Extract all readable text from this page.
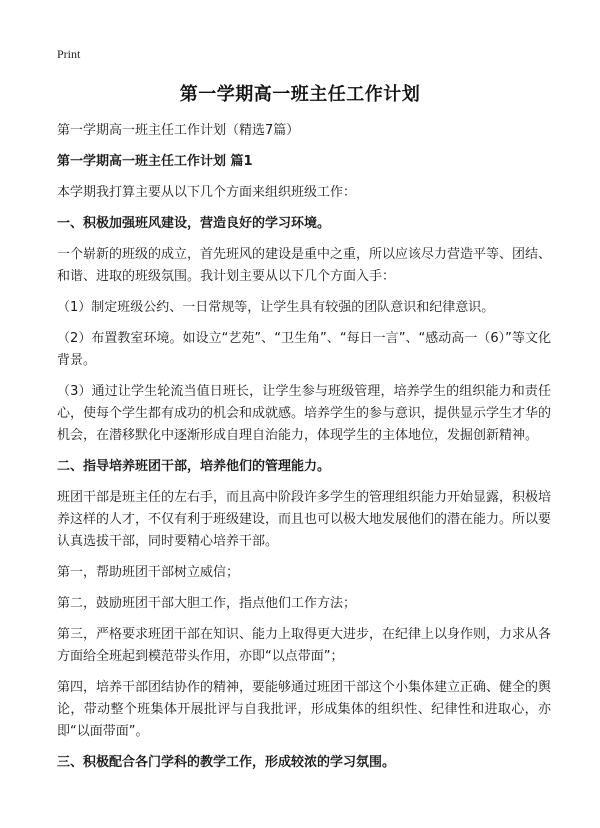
Print
第一学期高一班主任工作计划

第一学期高一班主任工作计划（精选7篇）

第一学期高一班主任工作计划 篇1

本学期我打算主要从以下几个方面来组织班级工作：

一、积极加强班风建设，营造良好的学习环境。

一个崭新的班级的成立，首先班风的建设是重中之重，所以应该尽力营造平等、团结、和谐、进取的班级氛围。我计划主要从以下几个方面入手：

（1）制定班级公约、一日常规等，让学生具有较强的团队意识和纪律意识。

（2）布置教室环境。如设立“艺苑”、“卫生角”、“每日一言”、“感动高一（6）”等文化背景。

（3）通过让学生轮流当值日班长，让学生参与班级管理，培养学生的组织能力和责任心，使每个学生都有成功的机会和成就感。培养学生的参与意识，提供显示学生才华的机会，在潜移默化中逐渐形成自理自治能力，体现学生的主体地位，发掘创新精神。

二、指导培养班团干部，培养他们的管理能力。

班团干部是班主任的左右手，而且高中阶段许多学生的管理组织能力开始显露，积极培养这样的人才，不仅有利于班级建设，而且也可以极大地发展他们的潜在能力。所以要认真选拔干部，同时要精心培养干部。

第一，帮助班团干部树立威信；

第二，鼓励班团干部大胆工作，指点他们工作方法；

第三，严格要求班团干部在知识、能力上取得更大进步，在纪律上以身作则，力求从各方面给全班起到模范带头作用，亦即“以点带面”；

第四，培养干部团结协作的精神，要能够通过班团干部这个小集体建立正确、健全的舆论，带动整个班集体开展批评与自我批评，形成集体的组织性、纪律性和进取心，亦即“以面带面”。

三、积极配合各门学科的教学工作，形成较浓的学习氛围。
